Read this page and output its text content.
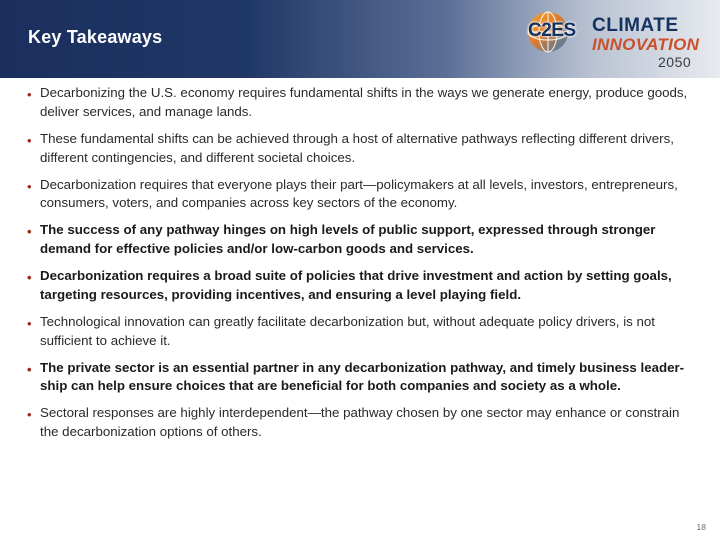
Key Takeaways	C2ES CLIMATE
INNOVATION
2050
• Decarbonizing the U.S. economy requires fundamental shifts in the ways we generate energy, produce goods, deliver services, and manage lands.
• These fundamental shifts can be achieved through a host of alternative pathways reflecting different drivers, different contingencies, and different societal choices.
• Decarbonization requires that everyone plays their part—policymakers at all levels, investors, entrepreneurs, consumers, voters, and companies across key sectors of the economy.
• The success of any pathway hinges on high levels of public support, expressed through stronger demand for effective policies and/or low-carbon goods and services.
• Decarbonization requires a broad suite of policies that drive investment and action by setting goals, targeting resources, providing incentives, and ensuring a level playing field.
• Technological innovation can greatly facilitate decarbonization but, without adequate policy drivers, is not sufficient to achieve it.
• The private sector is an essential partner in any decarbonization pathway, and timely business leader- ship can help ensure choices that are beneficial for both companies and society as a whole.
• Sectoral responses are highly interdependent—the pathway chosen by one sector may enhance or constrain the decarbonization options of others.
18
